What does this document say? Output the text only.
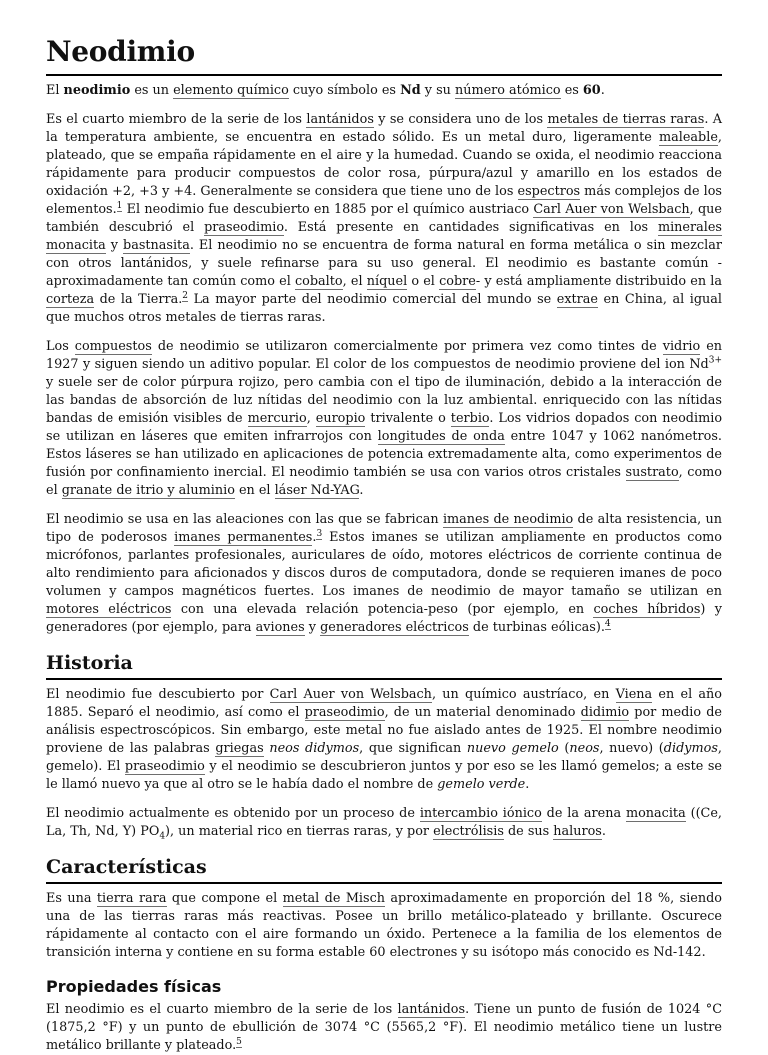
Neodimio

El neodimio es un elemento químico cuyo símbolo es Nd y su número atómico es 60.

Es el cuarto miembro de la serie de los lantánidos y se considera uno de los metales de tierras raras. A la temperatura ambiente, se encuentra en estado sólido. Es un metal duro, ligeramente maleable, plateado, que se empaña rápidamente en el aire y la humedad. Cuando se oxida, el neodimio reacciona rápidamente para producir compuestos de color rosa, púrpura/azul y amarillo en los estados de oxidación +2, +3 y +4. Generalmente se considera que tiene uno de los espectros más complejos de los elementos.$^1$ El neodimio fue descubierto en 1885 por el químico austriaco Carl Auer von Welsbach, que también descubrió el praseodimio. Está presente en cantidades significativas en los minerales monacita y bastnasita. El neodimio no se encuentra de forma natural en forma metálica o sin mezclar con otros lantánidos, y suele refinarse para su uso general. El neodimio es bastante común -aproximadamente tan común como el cobalto, el níquel o el cobre- y está ampliamente distribuido en la corteza de la Tierra.$^2$ La mayor parte del neodimio comercial del mundo se extrae en China, al igual que muchos otros metales de tierras raras.

Los compuestos de neodimio se utilizaron comercialmente por primera vez como tintes de vidrio en 1927 y siguen siendo un aditivo popular. El color de los compuestos de neodimio proviene del ion $Nd^{3+}$ y suele ser de color púrpura rojizo, pero cambia con el tipo de iluminación, debido a la interacción de las bandas de absorción de luz nítidas del neodimio con la luz ambiental. enriquecido con las nítidas bandas de emisión visibles de mercurio, europio trivalente o terbio. Los vidrios dopados con neodimio se utilizan en láseres que emiten infrarrojos con longitudes de onda entre 1047 y 1062 nanómetros. Estos láseres se han utilizado en aplicaciones de potencia extremadamente alta, como experimentos de fusión por confinamiento inercial. El neodimio también se usa con varios otros cristales sustrato, como el granate de itrio y aluminio en el láser Nd-YAG.

El neodimio se usa en las aleaciones con las que se fabrican imanes de neodimio de alta resistencia, un tipo de poderosos imanes permanentes.$^3$ Estos imanes se utilizan ampliamente en productos como micrófonos, parlantes profesionales, auriculares de oído, motores eléctricos de corriente continua de alto rendimiento para aficionados y discos duros de computadora, donde se requieren imanes de poco volumen y campos magnéticos fuertes. Los imanes de neodimio de mayor tamaño se utilizan en motores eléctricos con una elevada relación potencia-peso (por ejemplo, en coches híbridos) y generadores (por ejemplo, para aviones y generadores eléctricos de turbinas eólicas).$^4$

Historia

El neodimio fue descubierto por Carl Auer von Welsbach, un químico austríaco, en Viena en el año 1885. Separó el neodimio, así como el praseodimio, de un material denominado didimio por medio de análisis espectroscópicos. Sin embargo, este metal no fue aislado antes de 1925. El nombre neodimio proviene de las palabras griegas neos didymos, que significan nuevo gemelo (neos, nuevo) (didymos, gemelo). El praseodimio y el neodimio se descubrieron juntos y por eso se les llamó gemelos; a este se le llamó nuevo ya que al otro se le había dado el nombre de gemelo verde.

El neodimio actualmente es obtenido por un proceso de intercambio iónico de la arena monacita ((Ce, La, Th, Nd, Y) $PO_4$), un material rico en tierras raras, y por electrólisis de sus haluros.

Características

Es una tierra rara que compone el metal de Misch aproximadamente en proporción del 18 %, siendo una de las tierras raras más reactivas. Posee un brillo metálico-plateado y brillante. Oscurece rápidamente al contacto con el aire formando un óxido. Pertenece a la familia de los elementos de transición interna y contiene en su forma estable 60 electrones y su isótopo más conocido es Nd-142.

Propiedades físicas

El neodimio es el cuarto miembro de la serie de los lantánidos. Tiene un punto de fusión de 1024 °C (1875,2 °F) y un punto de ebullición de 3074 °C (5565,2 °F). El neodimio metálico tiene un lustre metálico brillante y plateado.$^5$
